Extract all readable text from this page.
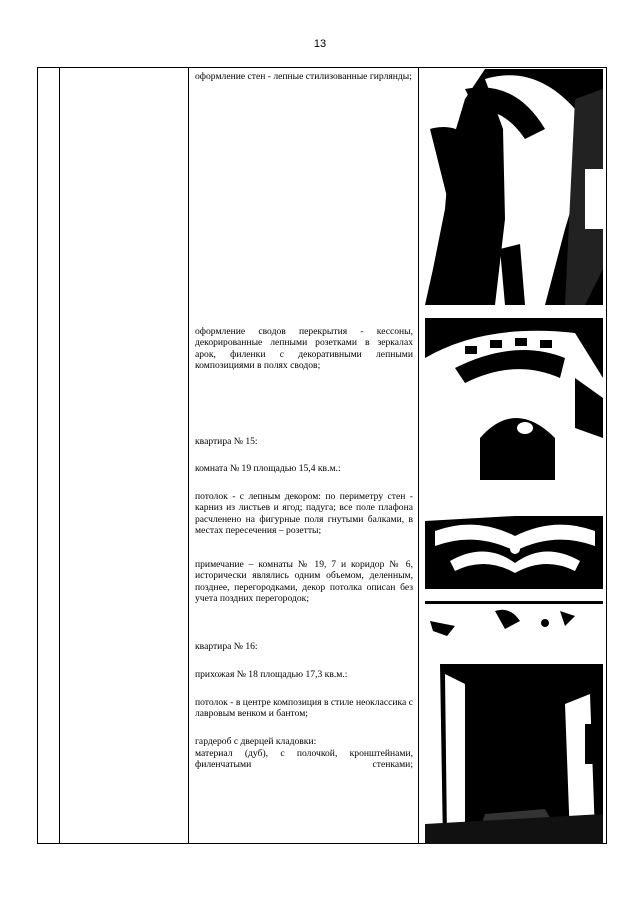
13

оформление стен - лепные стилизованные гирлянды;

оформление сводов перекрытия - кессоны, декорированные лепными розетками в зеркалах арок, филенки с декоративными лепными композициями в полях сводов;

квартира № 15:

комната № 19 площадью 15,4 кв.м.:

потолок - с лепным декором: по периметру стен - карниз из листьев и ягод; падуга; все поле плафона расчленено на фигурные поля гнутыми балками, в местах пересечения – розетты;

примечание – комнаты № 19, 7 и коридор № 6, исторически являлись одним объемом, деленным, позднее, перегородками, декор потолка описан без учета поздних перегородок;

квартира № 16:

прихожая № 18 площадью 17,3 кв.м.:

потолок - в центре композиция в стиле неоклассика с лавровым венком и бантом;

гардероб с дверцей кладовки:

материал (дуб), с полочкой, кронштейнами, филенчатыми стенками;
